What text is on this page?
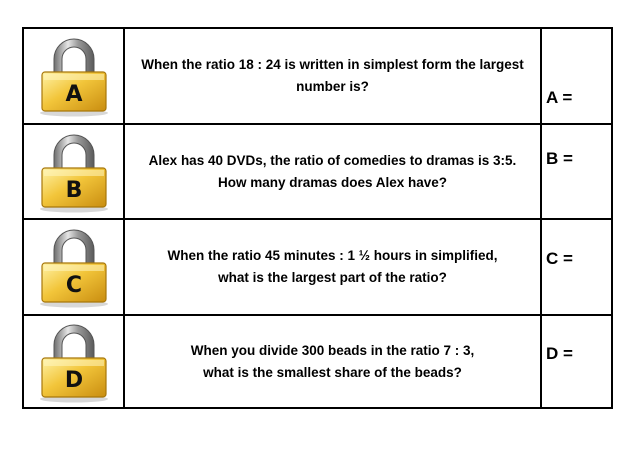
A
When the ratio 18 : 24 is written in simplest form the largest number is?
A =
B
Alex has 40 DVDs, the ratio of comedies to dramas is 3:5. How many dramas does Alex have?
B =
C
When the ratio 45 minutes : 1 ½ hours in simplified,
what is the largest part of the ratio?
C =
D
When you divide 300 beads in the ratio 7 : 3,
what is the smallest share of the beads?
D =
